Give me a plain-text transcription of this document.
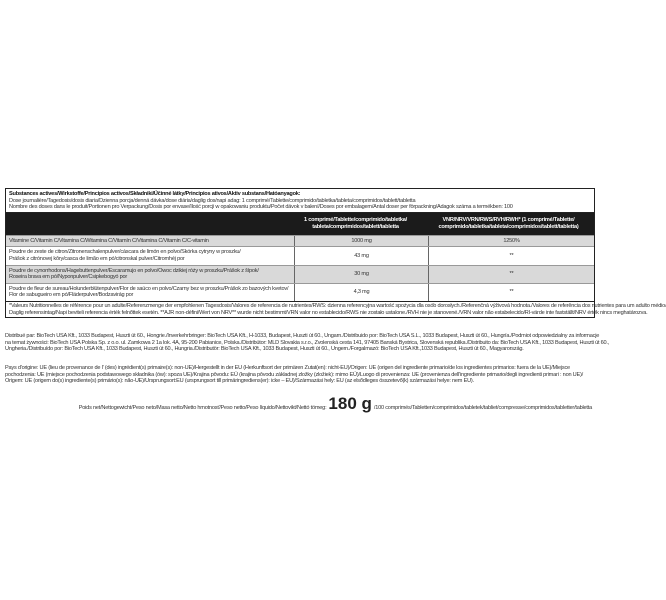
Substances actives/Wirkstoffe/Principios activos/Składniki/Účinné látky/Principios ativos/Aktiv substans/Hatóanyagok:
Dose journalière/Tagedosis/dosis diaria/Dzienna porcja/denná dávka/dose diária/daglig dos/napi adag: 1 comprimé/Tablette/comprimido/tabletka/tableta/comprimidos/tablett/tabletta
Nombre des doses dans le produit/Portionen pro Verpackung/Dosis por envase/Ilość porcji w opakowaniu produktu/Počet dávok v balení/Doses por embalagem/Antal doser per förpackning/Adagok száma a termékben: 100
1 comprimé/Tablette/comprimido/tabletka/ tableta/comprimidos/tablett/tabletta
VNR/NRV/VRN/RWS/RVH/RWH* (1 comprimé/Tablette/ comprimido/tabletka/tableta/comprimidos/tablett/tabletta)
Vitamine C/Vitamin C/Vitamina C/Witamina C/Vitamín C/Vitamina C/Vitamin C/C-vitamin	1000 mg	1250%
Poudre de zeste de citron/Zitronenschalenpulver/cáscara de limón en polvo/Skórka cytryny w proszku/
Prášok z citrónovej kôry/casca de limão em pó/citronskal pulver/Citromhéj por
43 mg	**
Poudre de cynorrhodons/Hagebuttenpulver/Escaramujo en polvo/Owoc dzikiej róży w proszku/Prášok z šípok/
Roseira brava em pó/Nyponpulver/Csipkebogyó por
30 mg	**
Poudre de fleur de sureau/Holunderblütenpulver/Flor de saúco en polvo/Czarny bez w proszku/Prášok zo bazových kvetov/
Flor de sabugueiro em pó/Fläderpulver/Bodzavirág por
4,3 mg	**
*Valeurs Nutritionnelles de référence pour un adulte/Referenzmenge der empfohlenen Tagesdosis/Valores de referencia de nutrientes/RWS: dzienna referencyjna wartość spożycia dla osób dorosłych./Referenčná výživová hodnota./Valores de referência dos nutrientes para um adulto médio/
Daglig referensintag/Napi beviteli referencia érték felnőttek esetén. **AJR non-défini/Wert von NRV** wurde nicht bestimmt/VRN valor no establecido/RWS nie zostało ustalone./RVH nie je stanovené./VRN valor não estabelecido/RI-värde inte fastställt/NRV érték nincs meghatározva.
Distribué par: BioTech USA Kft., 1033 Budapest, Huszti út 60., Hongrie./Inverkehrbringer: BioTech USA Kft., H-1033, Budapest, Huszti út 60., Ungarn./Distribuido por: BioTech USA S.L., 1033 Budapest, Huszti út 60., Hungría./Podmiot odpowiedzialny za informacje
na temat żywności: BioTech USA Polska Sp. z o.o. ul. Zamkowa 2 1a lok. 4A, 95-200 Pabianice, Polska./Distribútor: MLD Slovakia s.r.o., Zvolenská cesta 141, 97405 Banská Bystrica, Slovenská republika./Distribuito da: BioTech USA Kft., 1033 Budapest, Huszti út 60.,
Ungheria./Distribuído por: BioTech USA Kft., 1033 Budapest, Huszti út 60., Hungria./Distributör: BioTech USA Kft., 1033 Budapest, Huszti út 60., Ungern./Forgalmazó: BioTech USA Kft.,1033 Budapest, Huszti út 60., Magyarország.
Pays d'origine: UE (lieu de provenance de l' (des) ingrédient(s) primaire(s): non-UE)/Hergestellt in der EU (Herkunftsort der primären Zutat(en): nicht-EU)/Origen: UE (origen del ingrediente primario/de los ingredientes primarios: fuera de la UE)/Miejsce
pochodzenia: UE (miejsce pochodzenia podstawowego składnika (ów): spoza UE)/Krajina pôvodu: EÚ (krajina pôvodu základnej zložky (zložiek): mimo EÚ)/Luogo di provenienza: UE (provenienza dell'ingrediente primario/degli ingredienti primari : non UE)/
Origem: UE (origem do(s) ingrediente(s) primário(s): não-UE)/Ursprungsort:EU (ursprungsort till primäringrediens(er): icke – EU)/Származási hely: EU (az elsődleges összetevő(k) származási helye: nem EU).
Poids net/Nettogewicht/Peso neto/Masa netto/Netto hmotnosť/Peso netto/Peso líquido/Nettovikt/Nettó tömeg: 180 g /100 comprimés/Tabletten/comprimidos/tabletek/tabliet/compresse/comprimidos/tabletter/tabletta
